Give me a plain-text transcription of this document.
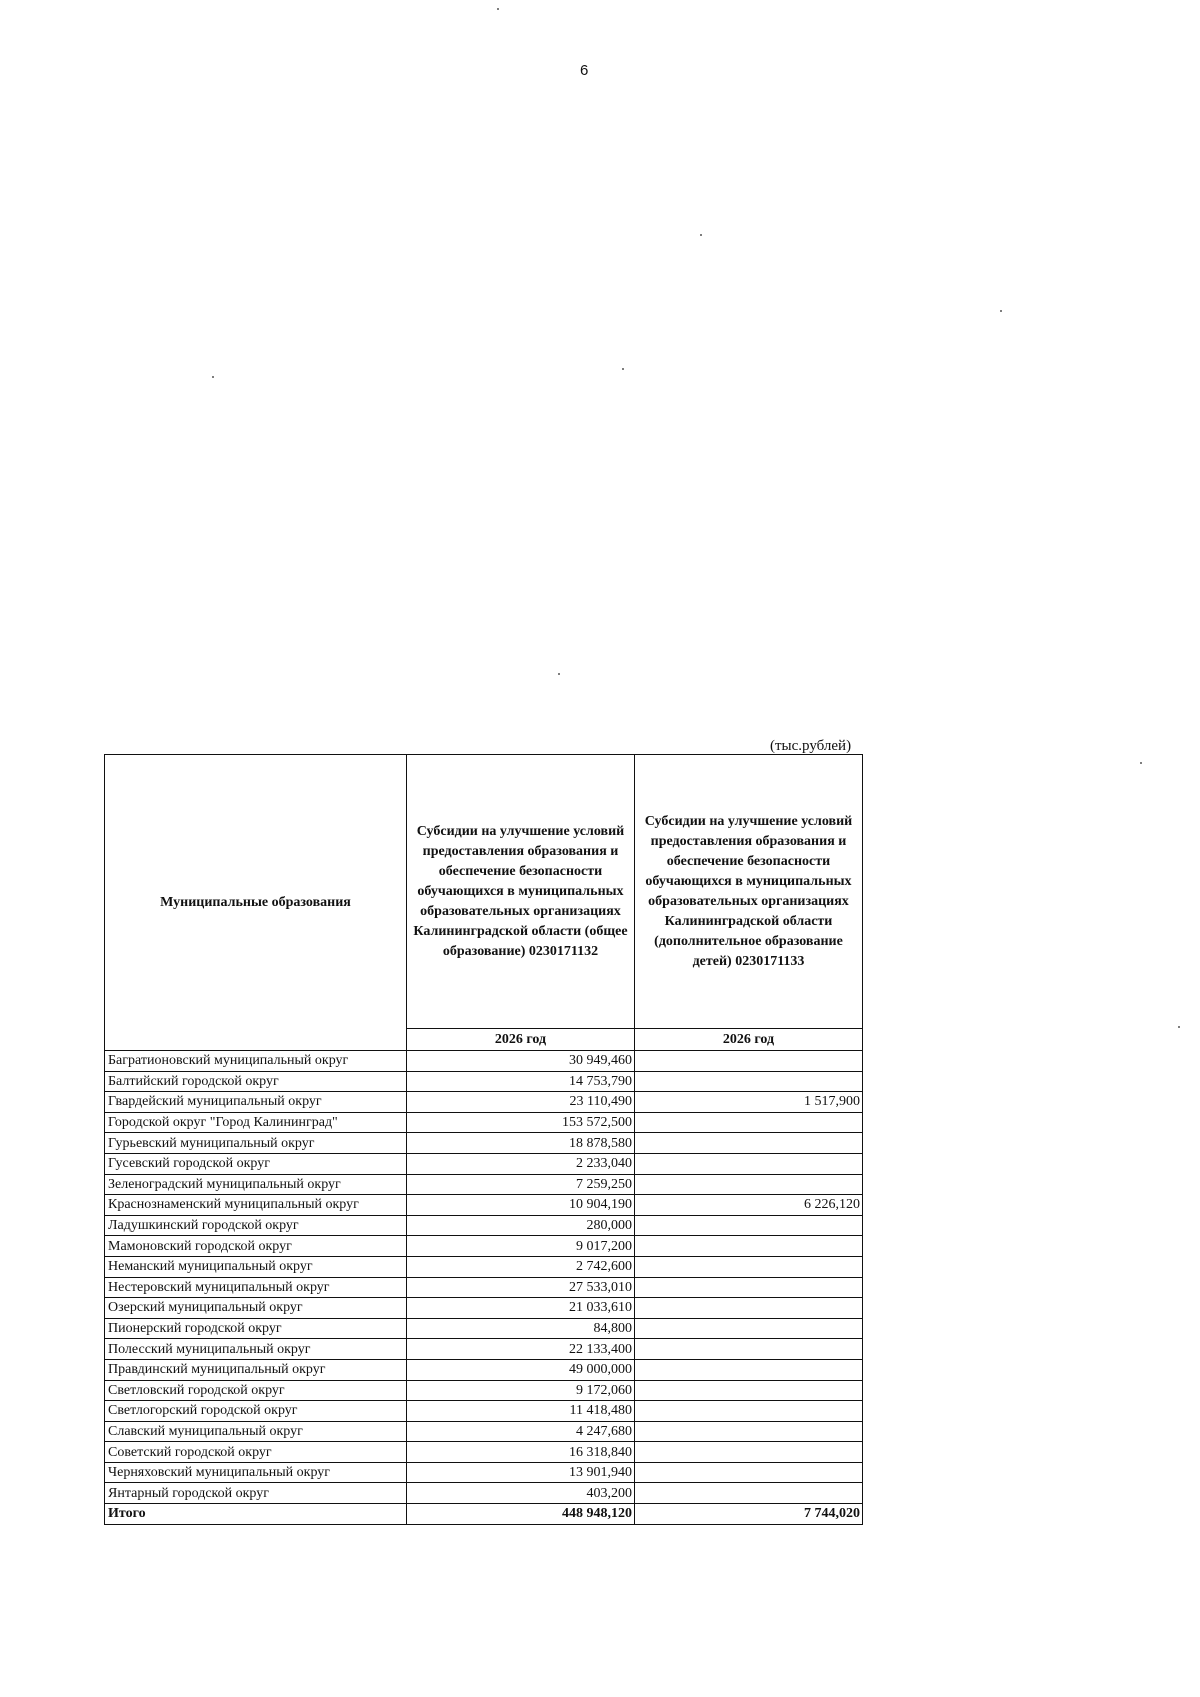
6
(тыс.рублей)
Муниципальные образования	Субсидии на улучшение условий предоставления образования и обеспечение безопасности обучающихся в муниципальных образовательных организациях Калининградской области (общее образование) 0230171132	Субсидии на улучшение условий предоставления образования и обеспечение безопасности обучающихся в муниципальных образовательных организациях Калининградской области (дополнительное образование детей) 0230171133
	2026 год	2026 год
Багратионовский муниципальный округ	30 949,460	
Балтийский городской округ	14 753,790	
Гвардейский муниципальный округ	23 110,490	1 517,900
Городской округ "Город Калининград"	153 572,500	
Гурьевский муниципальный округ	18 878,580	
Гусевский городской округ	2 233,040	
Зеленоградский муниципальный округ	7 259,250	
Краснознаменский муниципальный округ	10 904,190	6 226,120
Ладушкинский городской округ	280,000	
Мамоновский городской округ	9 017,200	
Неманский муниципальный округ	2 742,600	
Нестеровский муниципальный округ	27 533,010	
Озерский муниципальный округ	21 033,610	
Пионерский городской округ	84,800	
Полесский муниципальный округ	22 133,400	
Правдинский муниципальный округ	49 000,000	
Светловский городской округ	9 172,060	
Светлогорский городской округ	11 418,480	
Славский муниципальный округ	4 247,680	
Советский городской округ	16 318,840	
Черняховский муниципальный округ	13 901,940	
Янтарный городской округ	403,200	
Итого	448 948,120	7 744,020
